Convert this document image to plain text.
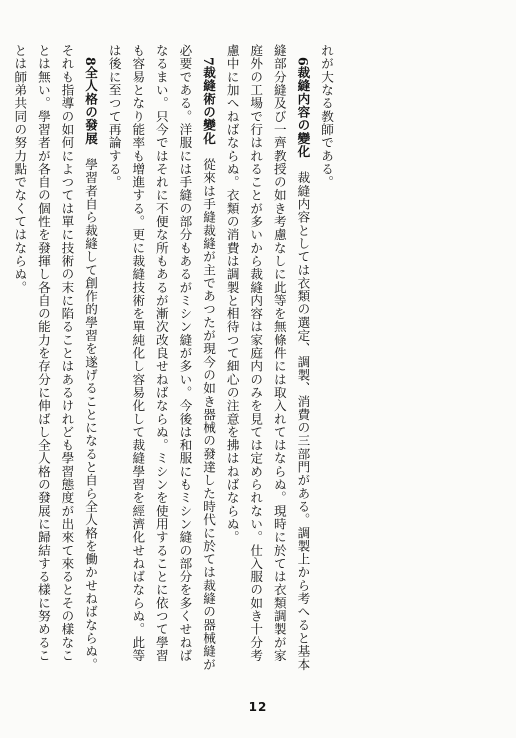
れが大なる教師である。

6裁縫内容の變化　裁縫内容としては衣類の選定、調製、消費の三部門がある。調製上から考へると基本縫部分縫及び一齊教授の如き考慮なしに此等を無條件には取入れてはならぬ。現時に於ては衣類調製が家庭外の工場で行はれることが多いから裁縫内容は家庭内のみを見ては定められない。仕入服の如き十分考慮中に加へねばならぬ。衣類の消費は調製と相待つて細心の注意を拂はねばならぬ。

7裁縫術の變化　從來は手縫裁縫が主であつたが現今の如き器械の發達した時代に於ては裁縫の器械縫が必要である。洋服には手縫の部分もあるがミシン縫が多い。今後は和服にもミシン縫の部分を多くせねばなるまい。只今ではそれに不便な所もあるが漸次改良せねばならぬ。ミシンを使用することに依つて學習も容易となり能率も增進する。更に裁縫技術を單純化し容易化して裁縫學習を經濟化せねばならぬ。此等は後に至つて再論する。

8全人格の發展　學習者自ら裁縫して創作的學習を遂げることになると自ら全人格を働かせねばならぬ。それも指導の如何によつては單に技術の末に陷ることはあるけれども學習態度が出來て來るとその樣なことは無い。學習者が各自の個性を發揮し各自の能力を存分に伸ばし全人格の發展に歸結する樣に努めることは師弟共同の努力點でなくてはならぬ。

12
